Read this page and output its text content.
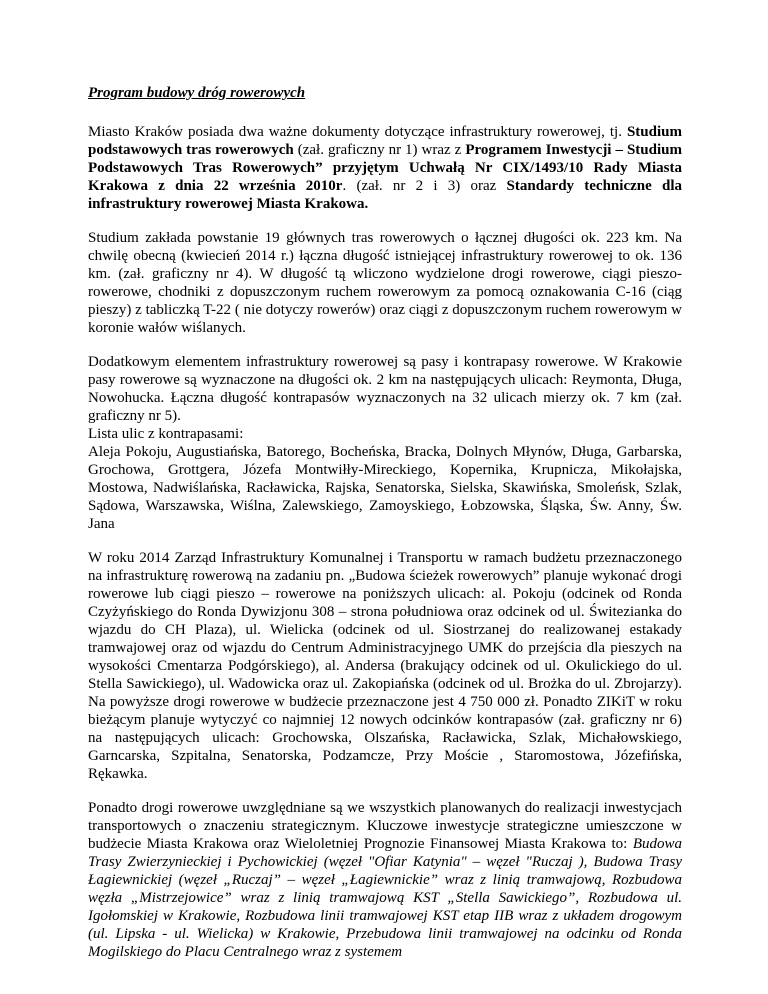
Program budowy dróg rowerowych

Miasto Kraków posiada dwa ważne dokumenty dotyczące infrastruktury rowerowej, tj. Studium podstawowych tras rowerowych (zał. graficzny nr 1) wraz z Programem Inwestycji – Studium Podstawowych Tras Rowerowych” przyjętym Uchwałą Nr CIX/1493/10 Rady Miasta Krakowa z dnia 22 września 2010r. (zał. nr 2 i 3) oraz Standardy techniczne dla infrastruktury rowerowej Miasta Krakowa.

Studium zakłada powstanie 19 głównych tras rowerowych o łącznej długości ok. 223 km. Na chwilę obecną (kwiecień 2014 r.) łączna długość istniejącej infrastruktury rowerowej to ok. 136 km. (zał. graficzny nr 4). W długość tą wliczono wydzielone drogi rowerowe, ciągi pieszo-rowerowe, chodniki z dopuszczonym ruchem rowerowym za pomocą oznakowania C-16 (ciąg pieszy) z tabliczką T-22 ( nie dotyczy rowerów) oraz ciągi z dopuszczonym ruchem rowerowym w koronie wałów wiślanych.

Dodatkowym elementem infrastruktury rowerowej są pasy i kontrapasy rowerowe. W Krakowie pasy rowerowe są wyznaczone na długości ok. 2 km na następujących ulicach: Reymonta, Długa, Nowohucka. Łączna długość kontrapasów wyznaczonych na 32 ulicach mierzy ok. 7 km (zał. graficzny nr 5).
Lista ulic z kontrapasami:
Aleja Pokoju, Augustiańska, Batorego, Bocheńska, Bracka, Dolnych Młynów, Długa, Garbarska, Grochowa, Grottgera, Józefa Montwiłły-Mireckiego, Kopernika, Krupnicza, Mikołajska, Mostowa, Nadwiślańska, Racławicka, Rajska, Senatorska, Sielska, Skawińska, Smoleńsk, Szlak, Sądowa, Warszawska, Wiślna, Zalewskiego, Zamoyskiego, Łobzowska, Śląska, Św. Anny, Św. Jana

W roku 2014 Zarząd Infrastruktury Komunalnej i Transportu w ramach budżetu przeznaczonego na infrastrukturę rowerową na zadaniu pn. „Budowa ścieżek rowerowych” planuje wykonać drogi rowerowe lub ciągi pieszo – rowerowe na poniższych ulicach: al. Pokoju (odcinek od Ronda Czyżyńskiego do Ronda Dywizjonu 308 – strona południowa oraz odcinek od ul. Świtezianka do wjazdu do CH Plaza), ul. Wielicka (odcinek od ul. Siostrzanej do realizowanej estakady tramwajowej oraz od wjazdu do Centrum Administracyjnego UMK do przejścia dla pieszych na wysokości Cmentarza Podgórskiego), al. Andersa (brakujący odcinek od ul. Okulickiego do ul. Stella Sawickiego), ul. Wadowicka oraz ul. Zakopiańska (odcinek od ul. Brożka do ul. Zbrojarzy). Na powyższe drogi rowerowe w budżecie przeznaczone jest 4 750 000 zł. Ponadto ZIKiT w roku bieżącym planuje wytyczyć co najmniej 12 nowych odcinków kontrapasów (zał. graficzny nr 6) na następujących ulicach: Grochowska, Olszańska, Racławicka, Szlak, Michałowskiego, Garncarska, Szpitalna, Senatorska, Podzamcze, Przy Moście , Staromostowa, Józefińska, Rękawka.

Ponadto drogi rowerowe uwzględniane są we wszystkich planowanych do realizacji inwestycjach transportowych o znaczeniu strategicznym. Kluczowe inwestycje strategiczne umieszczone w budżecie Miasta Krakowa oraz Wieloletniej Prognozie Finansowej Miasta Krakowa to: Budowa Trasy Zwierzynieckiej i Pychowickiej (węzeł "Ofiar Katynia" – węzeł "Ruczaj ), Budowa Trasy Łagiewnickiej (węzeł „Ruczaj” – węzeł „Łagiewnickie” wraz z linią tramwajową, Rozbudowa węzła „Mistrzejowice” wraz z linią tramwajową KST „Stella Sawickiego”, Rozbudowa ul. Igołomskiej w Krakowie, Rozbudowa linii tramwajowej KST etap IIB wraz z układem drogowym (ul. Lipska - ul. Wielicka) w Krakowie, Przebudowa linii tramwajowej na odcinku od Ronda Mogilskiego do Placu Centralnego wraz z systemem
